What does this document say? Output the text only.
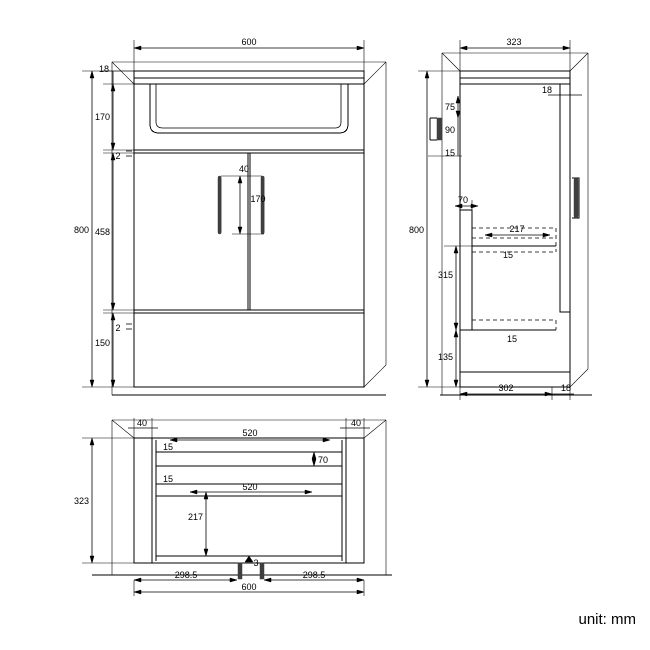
600
18
170
2
458
2
150
800
40
170
323
18
75
90
15
70
217
15
315
135
15
800
302	18
40	40
520
15
70
15
520
217
323
298.5	298.5
3
600
unit: mm
